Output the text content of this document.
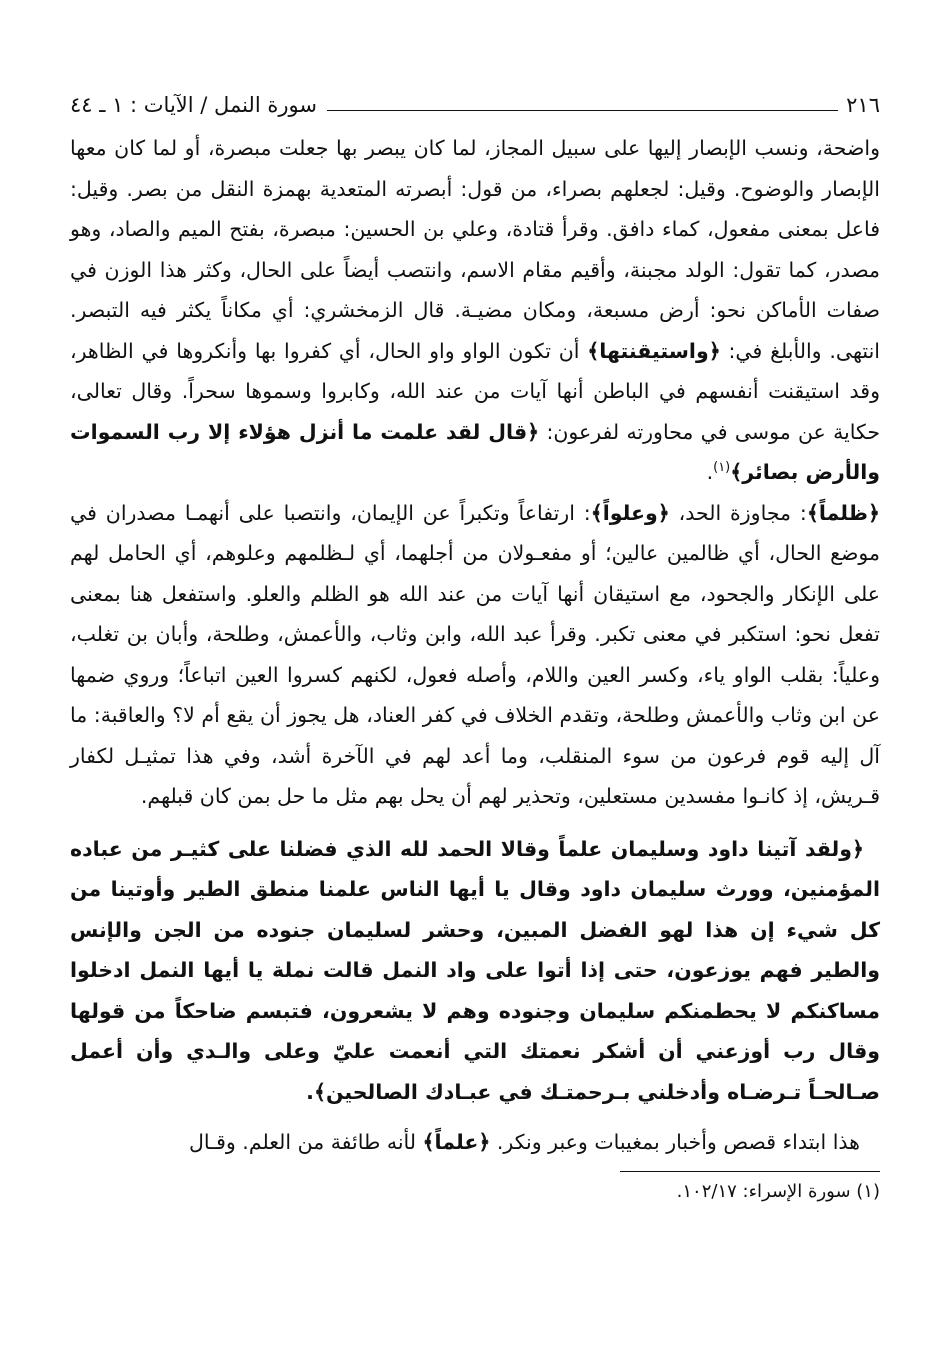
٢١٦
سورة النمل / الآيات : ١ ـ ٤٤

واضحة، ونسب الإبصار إليها على سبيل المجاز، لما كان يبصر بها جعلت مبصرة، أو لما كان معها الإبصار والوضوح. وقيل: لجعلهم بصراء، من قول: أبصرته المتعدية بهمزة النقل من بصر. وقيل: فاعل بمعنى مفعول، كماء دافق. وقرأ قتادة، وعلي بن الحسين: مبصرة، بفتح الميم والصاد، وهو مصدر، كما تقول: الولد مجبنة، وأقيم مقام الاسم، وانتصب أيضاً على الحال، وكثر هذا الوزن في صفات الأماكن نحو: أرض مسبعة، ومكان مضيـة. قال الزمخشري: أي مكاناً يكثر فيه التبصر. انتهى. والأبلغ في: ﴿واستيقنتها﴾ أن تكون الواو واو الحال، أي كفروا بها وأنكروها في الظاهر، وقد استيقنت أنفسهم في الباطن أنها آيات من عند الله، وكابروا وسموها سحراً. وقال تعالى، حكاية عن موسى في محاورته لفرعون: ﴿قال لقد علمت ما أنزل هؤلاء إلا رب السموات والأرض بصائر﴾$^{(١)}$.

﴿ظلماً﴾: مجاوزة الحد، ﴿وعلواً﴾: ارتفاعاً وتكبراً عن الإيمان، وانتصبا على أنهمـا مصدران في موضع الحال، أي ظالمين عالين؛ أو مفعـولان من أجلهما، أي لـظلمهم وعلوهم، أي الحامل لهم على الإنكار والجحود، مع استيقان أنها آيات من عند الله هو الظلم والعلو. واستفعل هنا بمعنى تفعل نحو: استكبر في معنى تكبر. وقرأ عبد الله، وابن وثاب، والأعمش، وطلحة، وأبان بن تغلب، وعلياً: بقلب الواو ياء، وكسر العين واللام، وأصله فعول، لكنهم كسروا العين اتباعاً؛ وروي ضمها عن ابن وثاب والأعمش وطلحة، وتقدم الخلاف في كفر العناد، هل يجوز أن يقع أم لا؟ والعاقبة: ما آل إليه قوم فرعون من سوء المنقلب، وما أعد لهم في الآخرة أشد، وفي هذا تمثيـل لكفار قـريش، إذ كانـوا مفسدين مستعلين، وتحذير لهم أن يحل بهم مثل ما حل بمن كان قبلهم.

﴿ولقد آتينا داود وسليمان علماً وقالا الحمد لله الذي فضلنا على كثيـر من عباده المؤمنين، وورث سليمان داود وقال يا أيها الناس علمنا منطق الطير وأوتينا من كل شيء إن هذا لهو الفضل المبين، وحشر لسليمان جنوده من الجن والإنس والطير فهم يوزعون، حتى إذا أتوا على واد النمل قالت نملة يا أيها النمل ادخلوا مساكنكم لا يحطمنكم سليمان وجنوده وهم لا يشعرون، فتبسم ضاحكاً من قولها وقال رب أوزعني أن أشكر نعمتك التي أنعمت عليّ وعلى والـدي وأن أعمل صـالحـاً تـرضـاه وأدخلني بـرحمتـك في عبـادك الصالحين﴾.
هذا ابتداء قصص وأخبار بمغيبات وعبر ونكر. ﴿علماً﴾ لأنه طائفة من العلم. وقـال
(١) سورة الإسراء: ١٠٢/١٧.
